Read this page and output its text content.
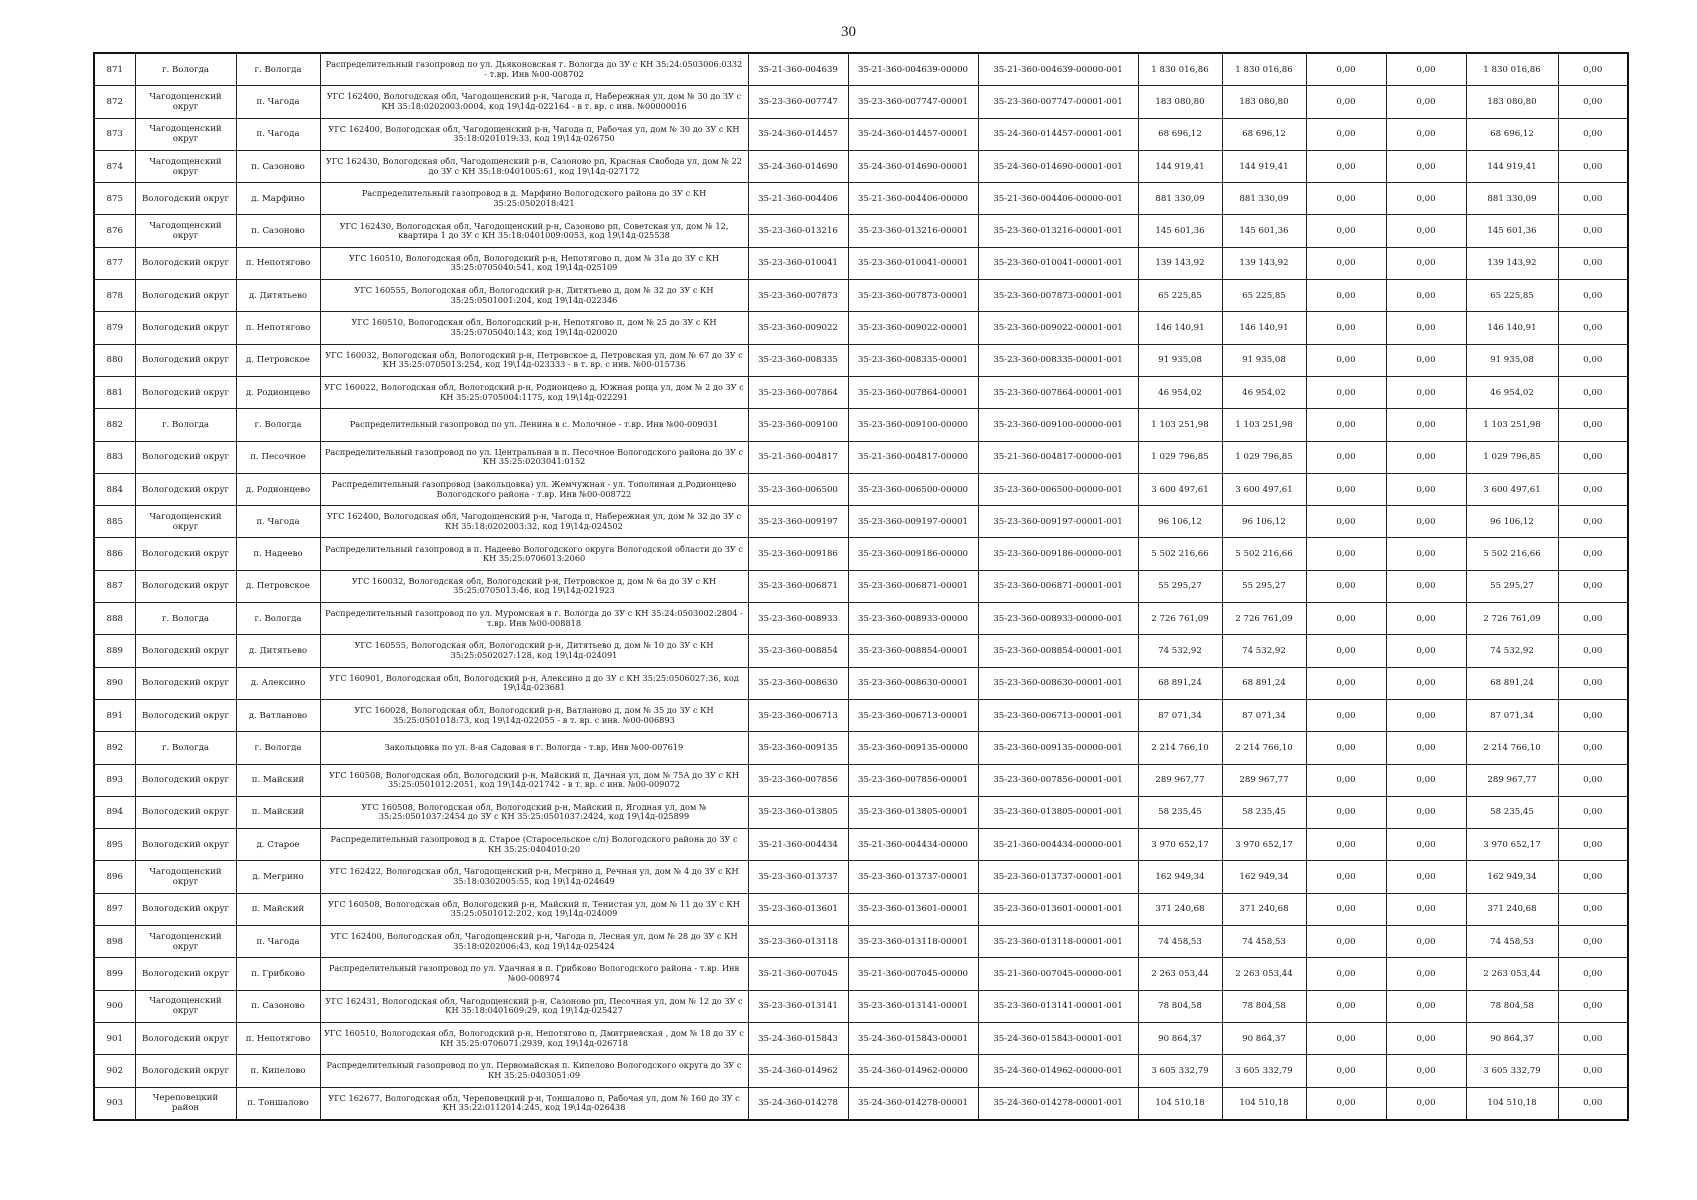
30
871	г. Вологда	г. Вологда	Распределительный газопровод по ул. Дьяконовская г. Вологда до ЗУ с КН 35:24:0503006:0332 - т.вр. Инв №00-008702	35-21-360-004639	35-21-360-004639-00000	35-21-360-004639-00000-001	1 830 016,86	1 830 016,86	0,00	0,00	1 830 016,86	0,00
872	Чагодощенский округ	п. Чагода	УГС 162400, Вологодская обл, Чагодощенский р-н, Чагода п, Набережная ул, дом № 30 до ЗУ с КН 35:18:0202003:0004, код 19\14д-022164 - в т. вр. с инв. №00000016	35-23-360-007747	35-23-360-007747-00001	35-23-360-007747-00001-001	183 080,80	183 080,80	0,00	0,00	183 080,80	0,00
873	Чагодощенский округ	п. Чагода	УГС 162400, Вологодская обл, Чагодощенский р-н, Чагода п, Рабочая ул, дом № 30 до ЗУ с КН 35:18:0201019:33, код 19\14д-026750	35-24-360-014457	35-24-360-014457-00001	35-24-360-014457-00001-001	68 696,12	68 696,12	0,00	0,00	68 696,12	0,00
874	Чагодощенский округ	п. Сазоново	УГС 162430, Вологодская обл, Чагодощенский р-н, Сазоново рп, Красная Свобода ул, дом № 22 до ЗУ с КН 35:18:0401005:61, код 19\14д-027172	35-24-360-014690	35-24-360-014690-00001	35-24-360-014690-00001-001	144 919,41	144 919,41	0,00	0,00	144 919,41	0,00
875	Вологодский округ	д. Марфино	Распределительный газопровод в д. Марфино Вологодского района до ЗУ с КН 35:25:0502018:421	35-21-360-004406	35-21-360-004406-00000	35-21-360-004406-00000-001	881 330,09	881 330,09	0,00	0,00	881 330,09	0,00
876	Чагодощенский округ	п. Сазоново	УГС 162430, Вологодская обл, Чагодощенский р-н, Сазоново рп, Советская ул, дом № 12, квартира 1 до ЗУ с КН 35:18:0401009:0053, код 19\14д-025538	35-23-360-013216	35-23-360-013216-00001	35-23-360-013216-00001-001	145 601,36	145 601,36	0,00	0,00	145 601,36	0,00
877	Вологодский округ	п. Непотягово	УГС 160510, Вологодская обл, Вологодский р-н, Непотягово п, дом № 31а до ЗУ с КН 35:25:0705040:541, код 19\14д-025109	35-23-360-010041	35-23-360-010041-00001	35-23-360-010041-00001-001	139 143,92	139 143,92	0,00	0,00	139 143,92	0,00
878	Вологодский округ	д. Дитятьево	УГС 160555, Вологодская обл, Вологодский р-н, Дитятьево д, дом № 32 до ЗУ с КН 35:25:0501001:204, код 19\14д-022346	35-23-360-007873	35-23-360-007873-00001	35-23-360-007873-00001-001	65 225,85	65 225,85	0,00	0,00	65 225,85	0,00
879	Вологодский округ	п. Непотягово	УГС 160510, Вологодская обл, Вологодский р-н, Непотягово п, дом № 25 до ЗУ с КН 35:25:0705040:143, код 19\14д-020020	35-23-360-009022	35-23-360-009022-00001	35-23-360-009022-00001-001	146 140,91	146 140,91	0,00	0,00	146 140,91	0,00
880	Вологодский округ	д. Петровское	УГС 160032, Вологодская обл, Вологодский р-н, Петровское д, Петровская ул, дом № 67 до ЗУ с КН 35:25:0705013:254, код 19\14д-023333 - в т. вр. с инв. №00-015736	35-23-360-008335	35-23-360-008335-00001	35-23-360-008335-00001-001	91 935,08	91 935,08	0,00	0,00	91 935,08	0,00
881	Вологодский округ	д. Родионцево	УГС 160022, Вологодская обл, Вологодский р-н, Родионцево д, Южная роща ул, дом № 2 до ЗУ с КН 35:25:0705004:1175, код 19\14д-022291	35-23-360-007864	35-23-360-007864-00001	35-23-360-007864-00001-001	46 954,02	46 954,02	0,00	0,00	46 954,02	0,00
882	г. Вологда	г. Вологда	Распределительный газопровод по ул. Ленина в с. Молочное - т.вр. Инв №00-009031	35-23-360-009100	35-23-360-009100-00000	35-23-360-009100-00000-001	1 103 251,98	1 103 251,98	0,00	0,00	1 103 251,98	0,00
883	Вологодский округ	п. Песочное	Распределительный газопровод по ул. Центральная в п. Песочное Вологодского района до ЗУ с КН 35:25:0203041:0152	35-21-360-004817	35-21-360-004817-00000	35-21-360-004817-00000-001	1 029 796,85	1 029 796,85	0,00	0,00	1 029 796,85	0,00
884	Вологодский округ	д. Родионцево	Распределительный газопровод (закольцовка) ул. Жемчужная - ул. Тополиная д.Родионцево Вологодского района - т.вр. Инв №00-008722	35-23-360-006500	35-23-360-006500-00000	35-23-360-006500-00000-001	3 600 497,61	3 600 497,61	0,00	0,00	3 600 497,61	0,00
885	Чагодощенский округ	п. Чагода	УГС 162400, Вологодская обл, Чагодощенский р-н, Чагода п, Набережная ул, дом № 32 до ЗУ с КН 35:18:0202003:32, код 19\14д-024502	35-23-360-009197	35-23-360-009197-00001	35-23-360-009197-00001-001	96 106,12	96 106,12	0,00	0,00	96 106,12	0,00
886	Вологодский округ	п. Надеево	Распределительный газопровод в п. Надеево Вологодского округа Вологодской области до ЗУ с КН 35:25:0706013:2060	35-23-360-009186	35-23-360-009186-00000	35-23-360-009186-00000-001	5 502 216,66	5 502 216,66	0,00	0,00	5 502 216,66	0,00
887	Вологодский округ	д. Петровское	УГС 160032, Вологодская обл, Вологодский р-н, Петровское д, дом № 6а до ЗУ с КН 35:25:0705013:46, код 19\14д-021923	35-23-360-006871	35-23-360-006871-00001	35-23-360-006871-00001-001	55 295,27	55 295,27	0,00	0,00	55 295,27	0,00
888	г. Вологда	г. Вологда	Распределительный газопровод по ул. Муромская в г. Вологда до ЗУ с КН 35:24:0503002:2804 - т.вр. Инв №00-008818	35-23-360-008933	35-23-360-008933-00000	35-23-360-008933-00000-001	2 726 761,09	2 726 761,09	0,00	0,00	2 726 761,09	0,00
889	Вологодский округ	д. Дитятьево	УГС 160555, Вологодская обл, Вологодский р-н, Дитятьево д, дом № 10 до ЗУ с КН 35:25:0502027:128, код 19\14д-024091	35-23-360-008854	35-23-360-008854-00001	35-23-360-008854-00001-001	74 532,92	74 532,92	0,00	0,00	74 532,92	0,00
890	Вологодский округ	д. Алексино	УГС 160901, Вологодская обл, Вологодский р-н, Алексино д до ЗУ с КН 35:25:0506027:36, код 19\14д-023681	35-23-360-008630	35-23-360-008630-00001	35-23-360-008630-00001-001	68 891,24	68 891,24	0,00	0,00	68 891,24	0,00
891	Вологодский округ	д. Ватланово	УГС 160028, Вологодская обл, Вологодский р-н, Ватланово д, дом № 35 до ЗУ с КН 35:25:0501018:73, код 19\14д-022055 - в т. вр. с инв. №00-006893	35-23-360-006713	35-23-360-006713-00001	35-23-360-006713-00001-001	87 071,34	87 071,34	0,00	0,00	87 071,34	0,00
892	г. Вологда	г. Вологда	Закольцовка по ул. 8-ая Садовая в г. Вологда - т.вр. Инв №00-007619	35-23-360-009135	35-23-360-009135-00000	35-23-360-009135-00000-001	2 214 766,10	2 214 766,10	0,00	0,00	2 214 766,10	0,00
893	Вологодский округ	п. Майский	УГС 160508, Вологодская обл, Вологодский р-н, Майский п, Дачная ул, дом № 75А до ЗУ с КН 35:25:0501012:2051, код 19\14д-021742 - в т. вр. с инв. №00-009072	35-23-360-007856	35-23-360-007856-00001	35-23-360-007856-00001-001	289 967,77	289 967,77	0,00	0,00	289 967,77	0,00
894	Вологодский округ	п. Майский	УГС 160508, Вологодская обл, Вологодский р-н, Майский п, Ягодная ул, дом № 35:25:0501037:2454 до ЗУ с КН 35:25:0501037:2424, код 19\14д-025899	35-23-360-013805	35-23-360-013805-00001	35-23-360-013805-00001-001	58 235,45	58 235,45	0,00	0,00	58 235,45	0,00
895	Вологодский округ	д. Старое	Распределительный газопровод в д. Старое (Старосельское с/п) Вологодского района до ЗУ с КН 35:25:0404010:20	35-21-360-004434	35-21-360-004434-00000	35-21-360-004434-00000-001	3 970 652,17	3 970 652,17	0,00	0,00	3 970 652,17	0,00
896	Чагодощенский округ	д. Мегрино	УГС 162422, Вологодская обл, Чагодощенский р-н, Мегрино д, Речная ул, дом № 4 до ЗУ с КН 35:18:0302005:55, код 19\14д-024649	35-23-360-013737	35-23-360-013737-00001	35-23-360-013737-00001-001	162 949,34	162 949,34	0,00	0,00	162 949,34	0,00
897	Вологодский округ	п. Майский	УГС 160508, Вологодская обл, Вологодский р-н, Майский п, Тенистая ул, дом № 11 до ЗУ с КН 35:25:0501012:202, код 19\14д-024009	35-23-360-013601	35-23-360-013601-00001	35-23-360-013601-00001-001	371 240,68	371 240,68	0,00	0,00	371 240,68	0,00
898	Чагодощенский округ	п. Чагода	УГС 162400, Вологодская обл, Чагодощенский р-н, Чагода п, Лесная ул, дом № 28 до ЗУ с КН 35:18:0202006:43, код 19\14д-025424	35-23-360-013118	35-23-360-013118-00001	35-23-360-013118-00001-001	74 458,53	74 458,53	0,00	0,00	74 458,53	0,00
899	Вологодский округ	п. Грибково	Распределительный газопровод по ул. Удачная в п. Грибково Вологодского района - т.вр. Инв №00-008974	35-21-360-007045	35-21-360-007045-00000	35-21-360-007045-00000-001	2 263 053,44	2 263 053,44	0,00	0,00	2 263 053,44	0,00
900	Чагодощенский округ	п. Сазоново	УГС 162431, Вологодская обл, Чагодощенский р-н, Сазоново рп, Песочная ул, дом № 12 до ЗУ с КН 35:18:0401609:29, код 19\14д-025427	35-23-360-013141	35-23-360-013141-00001	35-23-360-013141-00001-001	78 804,58	78 804,58	0,00	0,00	78 804,58	0,00
901	Вологодский округ	п. Непотягово	УГС 160510, Вологодская обл, Вологодский р-н, Непотягово п, Дмитриевская , дом № 18 до ЗУ с КН 35:25:0706071:2939, код 19\14д-026718	35-24-360-015843	35-24-360-015843-00001	35-24-360-015843-00001-001	90 864,37	90 864,37	0,00	0,00	90 864,37	0,00
902	Вологодский округ	п. Кипелово	Распределительный газопровод по ул. Первомайская п. Кипелово Вологодского округа до ЗУ с КН 35:25:0403051:09	35-24-360-014962	35-24-360-014962-00000	35-24-360-014962-00000-001	3 605 332,79	3 605 332,79	0,00	0,00	3 605 332,79	0,00
903	Череповецкий район	п. Тоншалово	УГС 162677, Вологодская обл, Череповецкий р-н, Тоншалово п, Рабочая ул, дом № 160 до ЗУ с КН 35:22:0112014:245, код 19\14д-026438	35-24-360-014278	35-24-360-014278-00001	35-24-360-014278-00001-001	104 510,18	104 510,18	0,00	0,00	104 510,18	0,00
